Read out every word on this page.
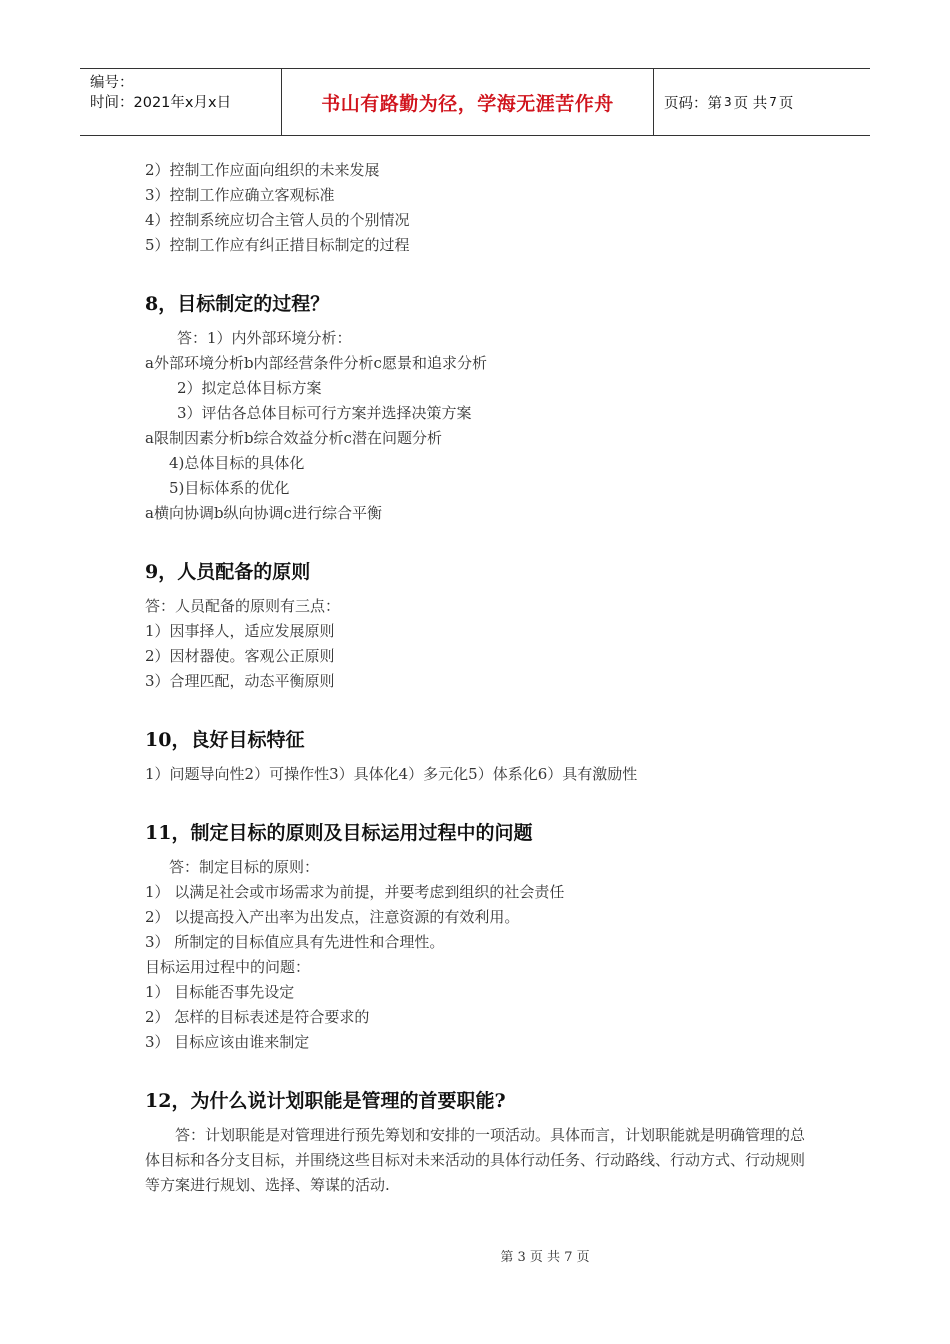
编号：
时间：2021年x月x日	书山有路勤为径，学海无涯苦作舟	页码：第 3 页 共 7 页
2）控制工作应面向组织的未来发展
3）控制工作应确立客观标准
4）控制系统应切合主管人员的个别情况
5）控制工作应有纠正措目标制定的过程
8，目标制定的过程？
答：1）内外部环境分析：
a外部环境分析b内部经营条件分析c愿景和追求分析
2）拟定总体目标方案
3）评估各总体目标可行方案并选择决策方案
a限制因素分析b综合效益分析c潜在问题分析
4)总体目标的具体化
5)目标体系的优化
a横向协调b纵向协调c进行综合平衡
9，人员配备的原则
答：人员配备的原则有三点：
1）因事择人，适应发展原则
2）因材器使。客观公正原则
3）合理匹配，动态平衡原则
10，良好目标特征
1）问题导向性2）可操作性3）具体化4）多元化5）体系化6）具有激励性
11，制定目标的原则及目标运用过程中的问题
答：制定目标的原则：
1） 以满足社会或市场需求为前提，并要考虑到组织的社会责任
2） 以提高投入产出率为出发点，注意资源的有效利用。
3） 所制定的目标值应具有先进性和合理性。
目标运用过程中的问题：
1） 目标能否事先设定
2） 怎样的目标表述是符合要求的
3） 目标应该由谁来制定
12，为什么说计划职能是管理的首要职能?
答：计划职能是对管理进行预先筹划和安排的一项活动。具体而言，计划职能就是明确管理的总体目标和各分支目标，并围绕这些目标对未来活动的具体行动任务、行动路线、行动方式、行动规则等方案进行规划、选择、筹谋的活动.
第 3 页 共 7 页
